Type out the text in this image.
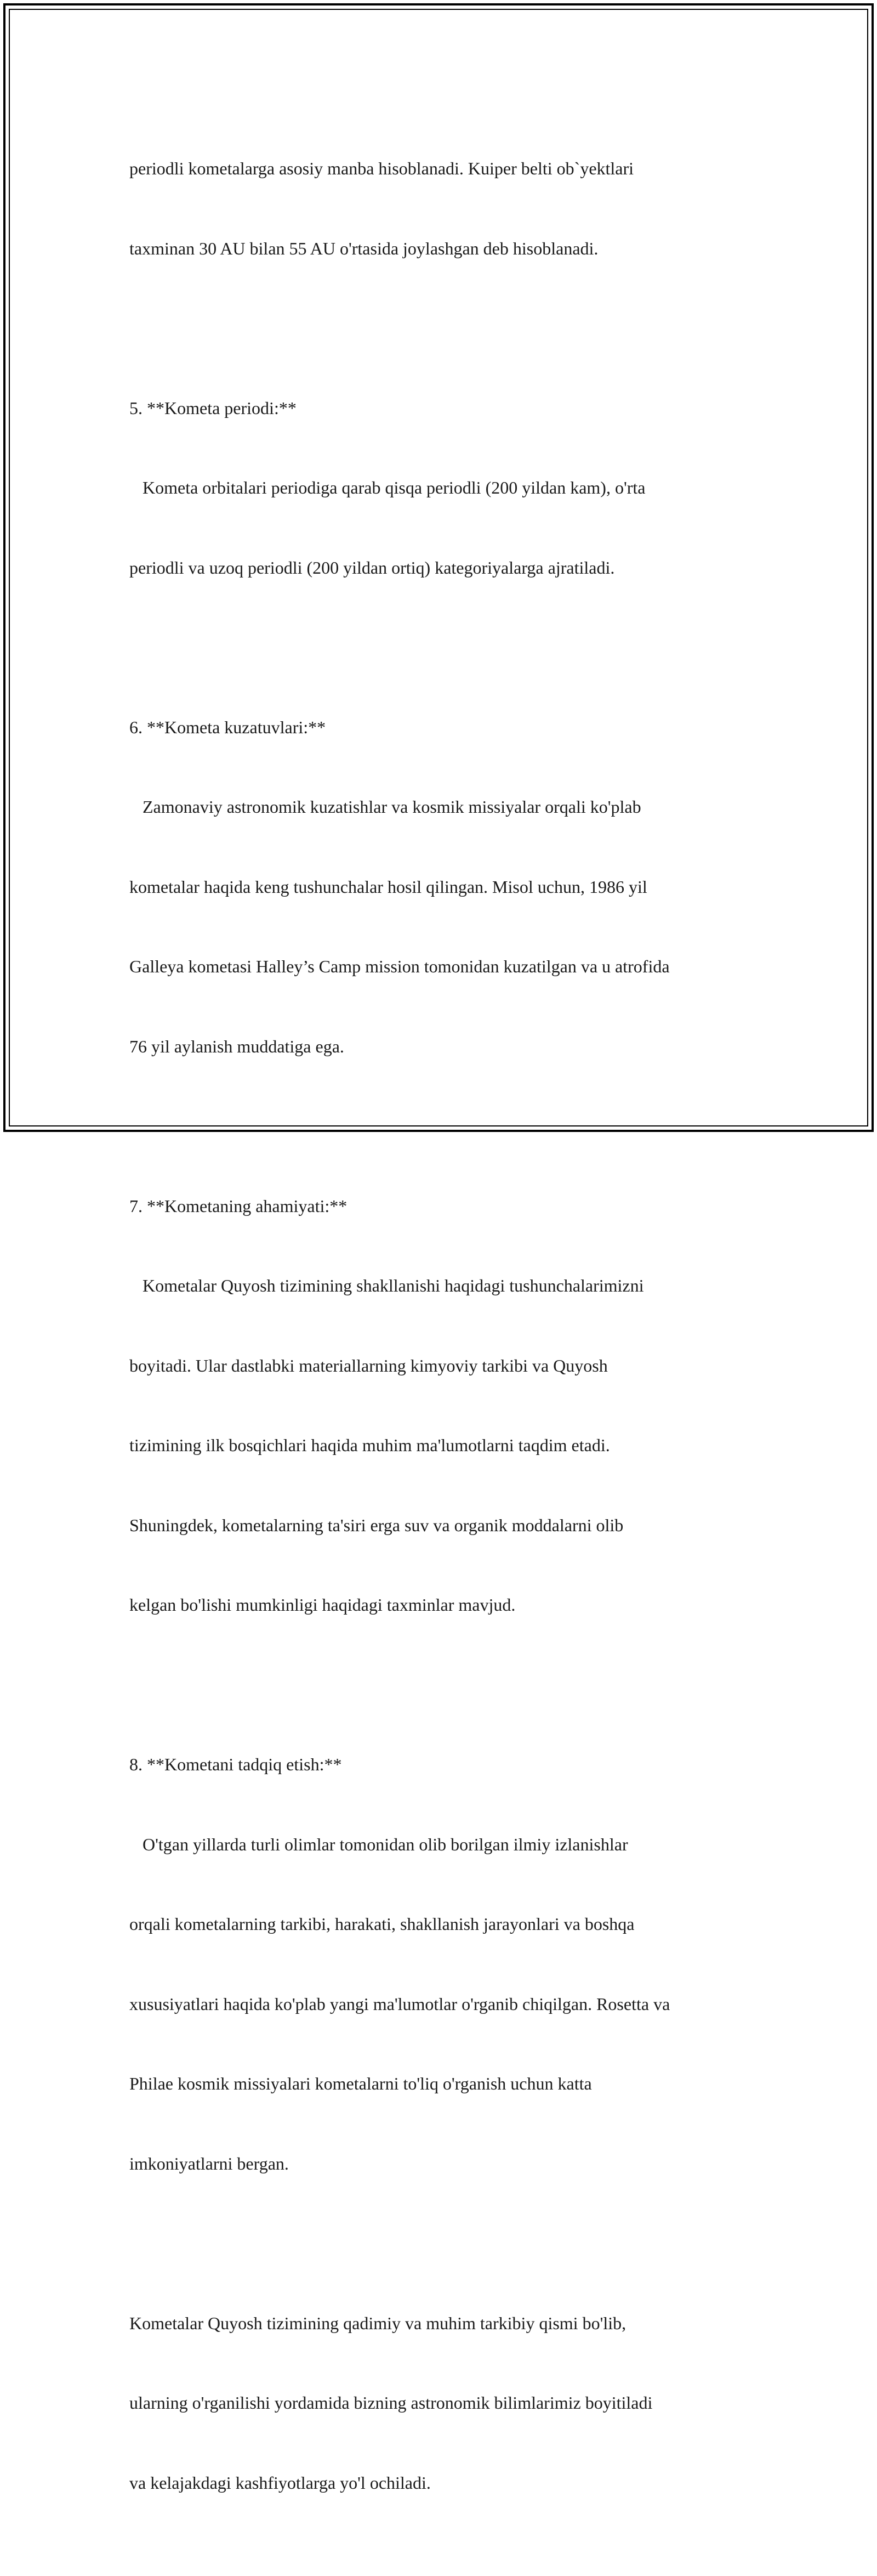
periodli kometalarga asosiy manba hisoblanadi. Kuiper belti ob`yektlari

taxminan 30 AU bilan 55 AU o'rtasida joylashgan deb hisoblanadi.

5. **Kometa periodi:**

Kometa orbitalari periodiga qarab qisqa periodli (200 yildan kam), o'rta

periodli va uzoq periodli (200 yildan ortiq) kategoriyalarga ajratiladi.

6. **Kometa kuzatuvlari:**

Zamonaviy astronomik kuzatishlar va kosmik missiyalar orqali ko'plab

kometalar haqida keng tushunchalar hosil qilingan. Misol uchun, 1986 yil

Galleya kometasi Halley’s Camp mission tomonidan kuzatilgan va u atrofida

76 yil aylanish muddatiga ega.

7. **Kometaning ahamiyati:**

Kometalar Quyosh tizimining shakllanishi haqidagi tushunchalarimizni

boyitadi. Ular dastlabki materiallarning kimyoviy tarkibi va Quyosh

tizimining ilk bosqichlari haqida muhim ma'lumotlarni taqdim etadi.

Shuningdek, kometalarning ta'siri erga suv va organik moddalarni olib

kelgan bo'lishi mumkinligi haqidagi taxminlar mavjud.

8. **Kometani tadqiq etish:**

O'tgan yillarda turli olimlar tomonidan olib borilgan ilmiy izlanishlar

orqali kometalarning tarkibi, harakati, shakllanish jarayonlari va boshqa

xususiyatlari haqida ko'plab yangi ma'lumotlar o'rganib chiqilgan. Rosetta va

Philae kosmik missiyalari kometalarni to'liq o'rganish uchun katta

imkoniyatlarni bergan.

Kometalar Quyosh tizimining qadimiy va muhim tarkibiy qismi bo'lib,

ularning o'rganilishi yordamida bizning astronomik bilimlarimiz boyitiladi

va kelajakdagi kashfiyotlarga yo'l ochiladi.
